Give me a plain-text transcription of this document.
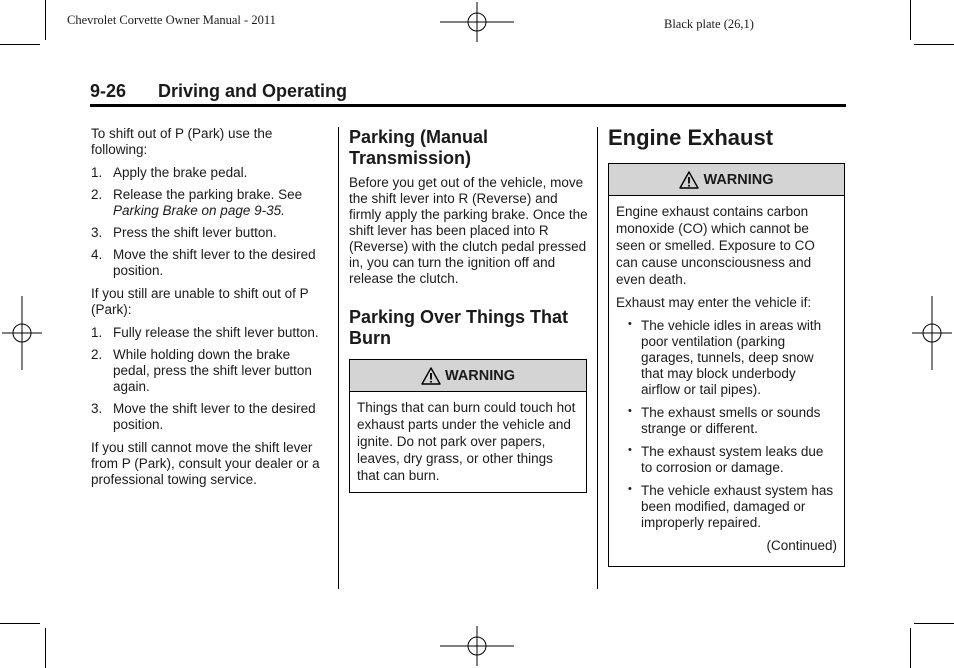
Chevrolet Corvette Owner Manual - 2011	Black plate (26,1)
9-26 Driving and Operating

To shift out of P (Park) use the following:

1. Apply the brake pedal.
2. Release the parking brake. See
Parking Brake on page 9-35.
3. Press the shift lever button.
4. Move the shift lever to the desired position.

If you still are unable to shift out of P (Park):

1. Fully release the shift lever button.
2. While holding down the brake pedal, press the shift lever button again.
3. Move the shift lever to the desired position.

If you still cannot move the shift lever from P (Park), consult your dealer or a professional towing service.

Parking (Manual Transmission)

Before you get out of the vehicle, move the shift lever into R (Reverse) and firmly apply the parking brake. Once the shift lever has been placed into R (Reverse) with the clutch pedal pressed in, you can turn the ignition off and release the clutch.

Parking Over Things That Burn
WARNING

Things that can burn could touch hot exhaust parts under the vehicle and ignite. Do not park over papers, leaves, dry grass, or other things that can burn.

Engine Exhaust
WARNING

Engine exhaust contains carbon monoxide (CO) which cannot be seen or smelled. Exposure to CO can cause unconsciousness and even death.

Exhaust may enter the vehicle if:

• The vehicle idles in areas with poor ventilation (parking garages, tunnels, deep snow that may block underbody airflow or tail pipes).
• The exhaust smells or sounds strange or different.
• The exhaust system leaks due to corrosion or damage.
• The vehicle exhaust system has been modified, damaged or improperly repaired.

(Continued)
